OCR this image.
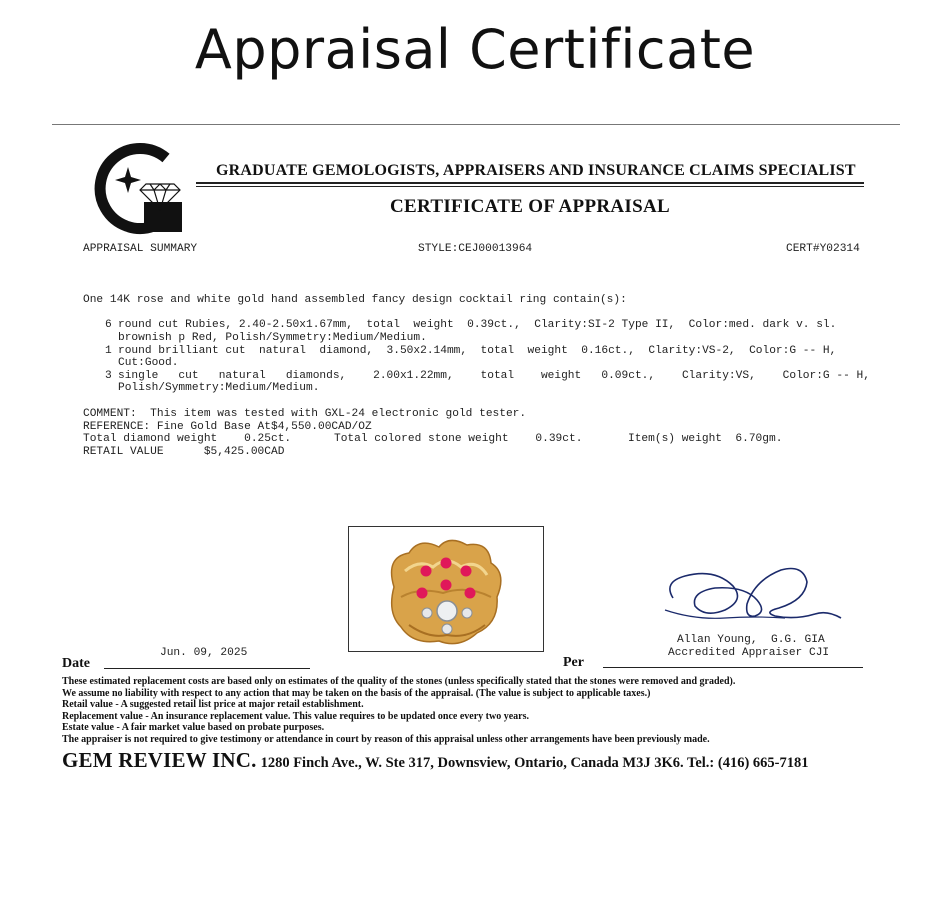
Appraisal Certificate
GRADUATE GEMOLOGISTS, APPRAISERS AND INSURANCE CLAIMS SPECIALIST
CERTIFICATE OF APPRAISAL
APPRAISAL SUMMARY	STYLE:CEJ00013964	CERT#Y02314
One 14K rose and white gold hand assembled fancy design cocktail ring contain(s):
6 round cut Rubies, 2.40-2.50x1.67mm,  total  weight  0.39ct.,  Clarity:SI-2 Type II,  Color:med. dark v. sl.
brownish p Red, Polish/Symmetry:Medium/Medium.
1 round brilliant cut  natural  diamond,  3.50x2.14mm,  total  weight  0.16ct.,  Clarity:VS-2,  Color:G -- H,
Cut:Good.
3 single   cut   natural   diamonds,    2.00x1.22mm,    total    weight   0.09ct.,    Clarity:VS,    Color:G -- H,
Polish/Symmetry:Medium/Medium.
COMMENT:  This item was tested with GXL-24 electronic gold tester.
REFERENCE: Fine Gold Base At$4,550.00CAD/OZ
Total diamond weight    0.25ct.	Total colored stone weight    0.39ct.	Item(s) weight  6.70gm.
RETAIL VALUE      $5,425.00CAD
Allan Young,  G.G. GIA
Accredited Appraiser CJI
Jun. 09, 2025
Date	Per
These estimated replacement costs are based only on estimates of the quality of the stones (unless specifically stated that the stones were removed and graded).
We assume no liability with respect to any action that may be taken on the basis of the appraisal. (The value is subject to applicable taxes.)
Retail value - A suggested retail list price at major retail establishment.
Replacement value - An insurance replacement value. This value requires to be updated once every two years.
Estate value - A fair market value based on probate purposes.
The appraiser is not required to give testimony or attendance in court by reason of this appraisal unless other arrangements have been previously made.
GEM REVIEW INC. 1280 Finch Ave., W. Ste 317, Downsview, Ontario, Canada M3J 3K6. Tel.: (416) 665-7181
